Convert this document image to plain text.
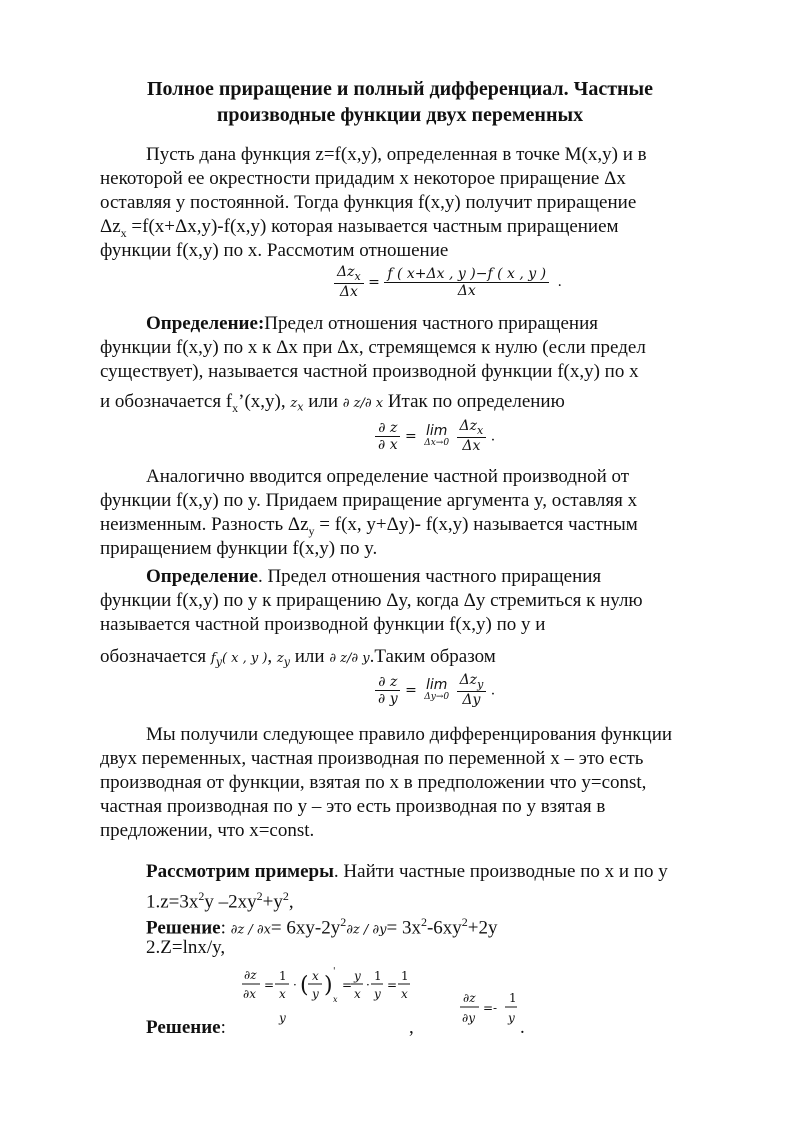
Полное приращение и полный дифференциал. Частные производные функции двух переменных
Пусть дана функция z=f(x,y), определенная в точке M(x,y) и в
некоторой ее окрестности придадим x некоторое приращение Δx
оставляя y постоянной. Тогда функция f(x,y) получит приращение
$\Delta z_x =f(x+\Delta x,y)-f(x,y)$ которая называется частным приращением
функции f(x,y) по x. Рассмотим отношение
$\frac{\Delta z_x}{\Delta x} = \frac{f ( x+\Delta x , y )-f ( x , y )}{\Delta x}$ .
Определение:Предел отношения частного приращения
функции f(x,y) по x к Δx при Δx, стремящемся к нулю (если предел
существует), называется частной производной функции f(x,y) по x
и обозначается $f_x’(x,y)$, $z_x$ или ∂ z/∂ x Итак по определению
$\frac{\partial z}{\partial x} = \lim$
Δx→0
$\frac{\Delta z_x}{\Delta x}$ .
Аналогично вводится определение частной производной от
функции f(x,y) по y. Придаем приращение аргумента y, оставляя x
неизменным. Разность $\Delta z_y = f(x$, y+Δy)- f(x,y) называется частным
приращением функции f(x,y) по y.
Определение. Предел отношения частного приращения
функции f(x,y) по y к приращению Δy, когда Δy стремиться к нулю
называется частной производной функции f(x,y) по y и
обозначается $f_y$( x , y ), $z_y$ или ∂ z/∂ y.Таким образом
$\frac{\partial z}{\partial y} = \lim$
Δy→0
$\frac{\Delta z_y}{\Delta y}$ .
Мы получили следующее правило дифференцирования функции
двух переменных, частная производная по переменной x – это есть
производная от функции, взятая по x в предположении что y=const,
частная производная по y – это есть производная по y взятая в
предложении, что x=const.
Рассмотрим примеры. Найти частные производные по x и по y
$1.z=3x^2y$ $-2xy^2+y^2$,
Решение: $\partial z / \partial x= 6xy-2y^2\partial z / \partial y= 3x^2-6xy^2+2y$
2.Z=lnx/y,
∂z
∂x
=
1
x
y
· ( x
y )
'
x
=
y
x
·
1
y
=
1
x	∂z
∂y
=-
1
y
Решение:	,	.
